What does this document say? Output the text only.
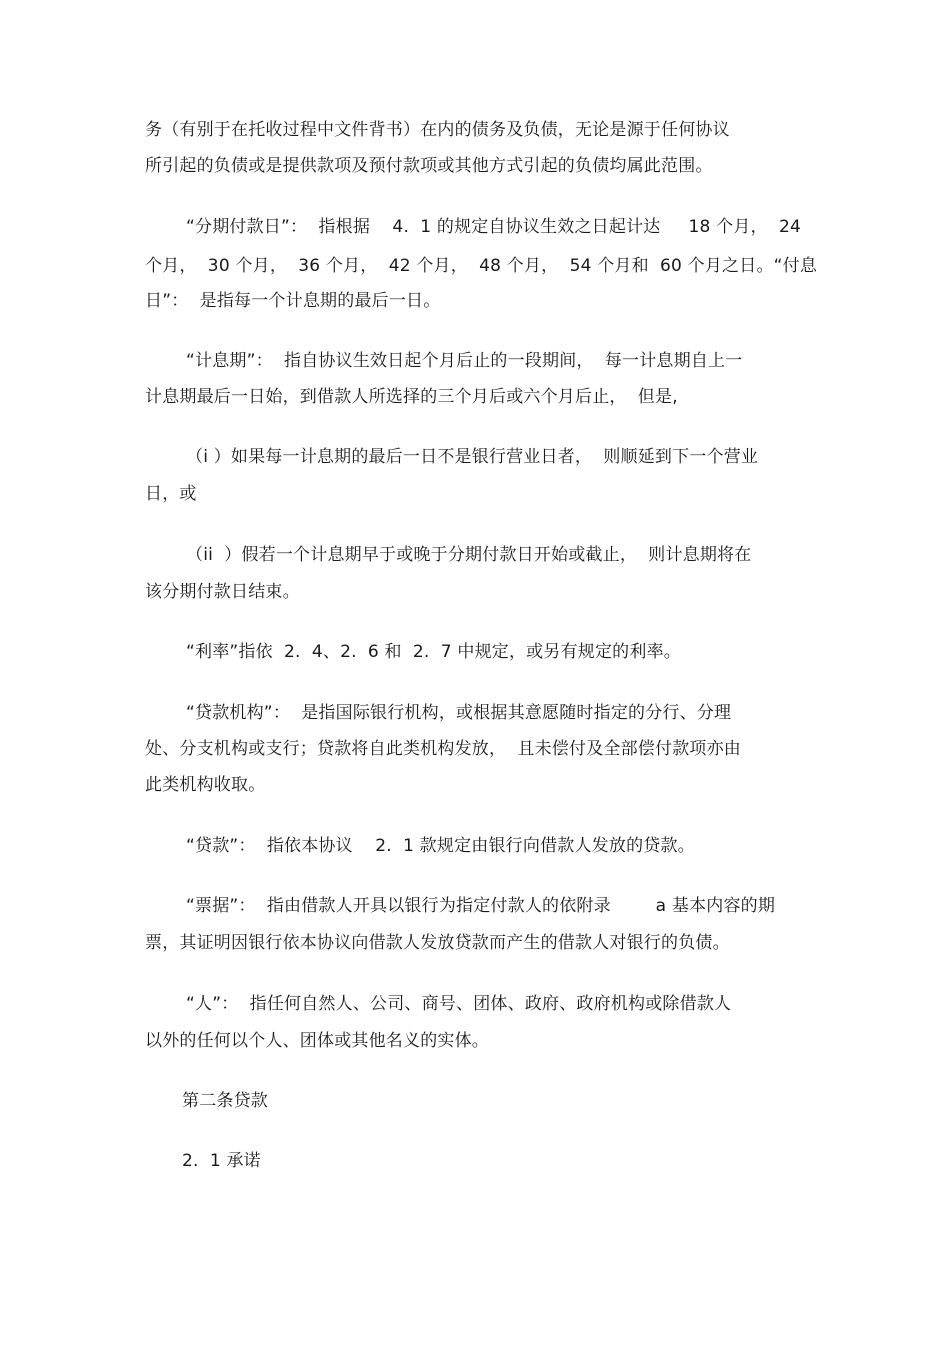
务（有别于在托收过程中文件背书）在内的债务及负债，无论是源于任何协议
所引起的负债或是提供款项及预付款项或其他方式引起的负债均属此范围。
“分期付款日”：  指根据    4.  1 的规定自协议生效之日起计达     18 个月，  24
个月，  30 个月，  36 个月，  42 个月，  48 个月，  54 个月和  60 个月之日。“付息
日”：  是指每一个计息期的最后一日。
“计息期”：  指自协议生效日起个月后止的一段期间，  每一计息期自上一
计息期最后一日始，到借款人所选择的三个月后或六个月后止，  但是,
（i ）如果每一计息期的最后一日不是银行营业日者，  则顺延到下一个营业
日，或
（ii  ）假若一个计息期早于或晚于分期付款日开始或截止，  则计息期将在
该分期付款日结束。
“利率”指依  2.  4、2.  6 和  2.  7 中规定，或另有规定的利率。
“贷款机构”：  是指国际银行机构，或根据其意愿随时指定的分行、分理
处、分支机构或支行；贷款将自此类机构发放，  且未偿付及全部偿付款项亦由
此类机构收取。
“贷款”：  指依本协议    2.  1 款规定由银行向借款人发放的贷款。
“票据”：  指由借款人开具以银行为指定付款人的依附录        a 基本内容的期
票，其证明因银行依本协议向借款人发放贷款而产生的借款人对银行的负债。
“人”：  指任何自然人、公司、商号、团体、政府、政府机构或除借款人
以外的任何以个人、团体或其他名义的实体。
第二条贷款
2.  1 承诺
